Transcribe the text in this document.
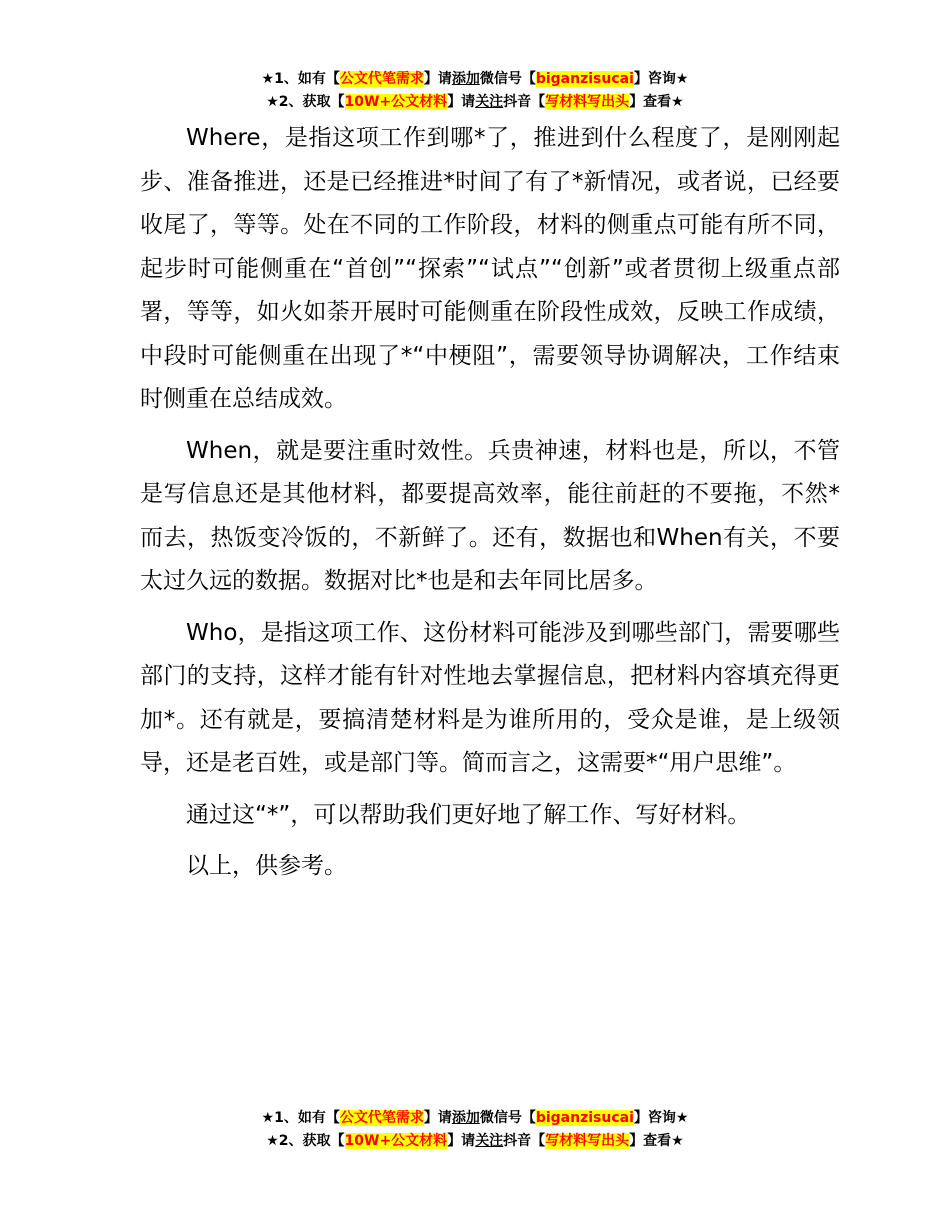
★1、如有【公文代笔需求】请添加微信号【biganzisucai】咨询★
★2、获取【10W+公文材料】请关注抖音【写材料写出头】查看★

Where，是指这项工作到哪*了，推进到什么程度了，是刚刚起步、准备推进，还是已经推进*时间了有了*新情况，或者说，已经要收尾了，等等。处在不同的工作阶段，材料的侧重点可能有所不同，起步时可能侧重在“首创”“探索”“试点”“创新”或者贯彻上级重点部署，等等，如火如荼开展时可能侧重在阶段性成效，反映工作成绩，中段时可能侧重在出现了*“中梗阻”，需要领导协调解决，工作结束时侧重在总结成效。

When，就是要注重时效性。兵贵神速，材料也是，所以，不管是写信息还是其他材料，都要提高效率，能往前赶的不要拖，不然*而去，热饭变冷饭的，不新鲜了。还有，数据也和When有关，不要太过久远的数据。数据对比*也是和去年同比居多。

Who，是指这项工作、这份材料可能涉及到哪些部门，需要哪些部门的支持，这样才能有针对性地去掌握信息，把材料内容填充得更加*。还有就是，要搞清楚材料是为谁所用的，受众是谁，是上级领导，还是老百姓，或是部门等。简而言之，这需要*“用户思维”。

通过这“*”，可以帮助我们更好地了解工作、写好材料。

以上，供参考。

★1、如有【公文代笔需求】请添加微信号【biganzisucai】咨询★
★2、获取【10W+公文材料】请关注抖音【写材料写出头】查看★
